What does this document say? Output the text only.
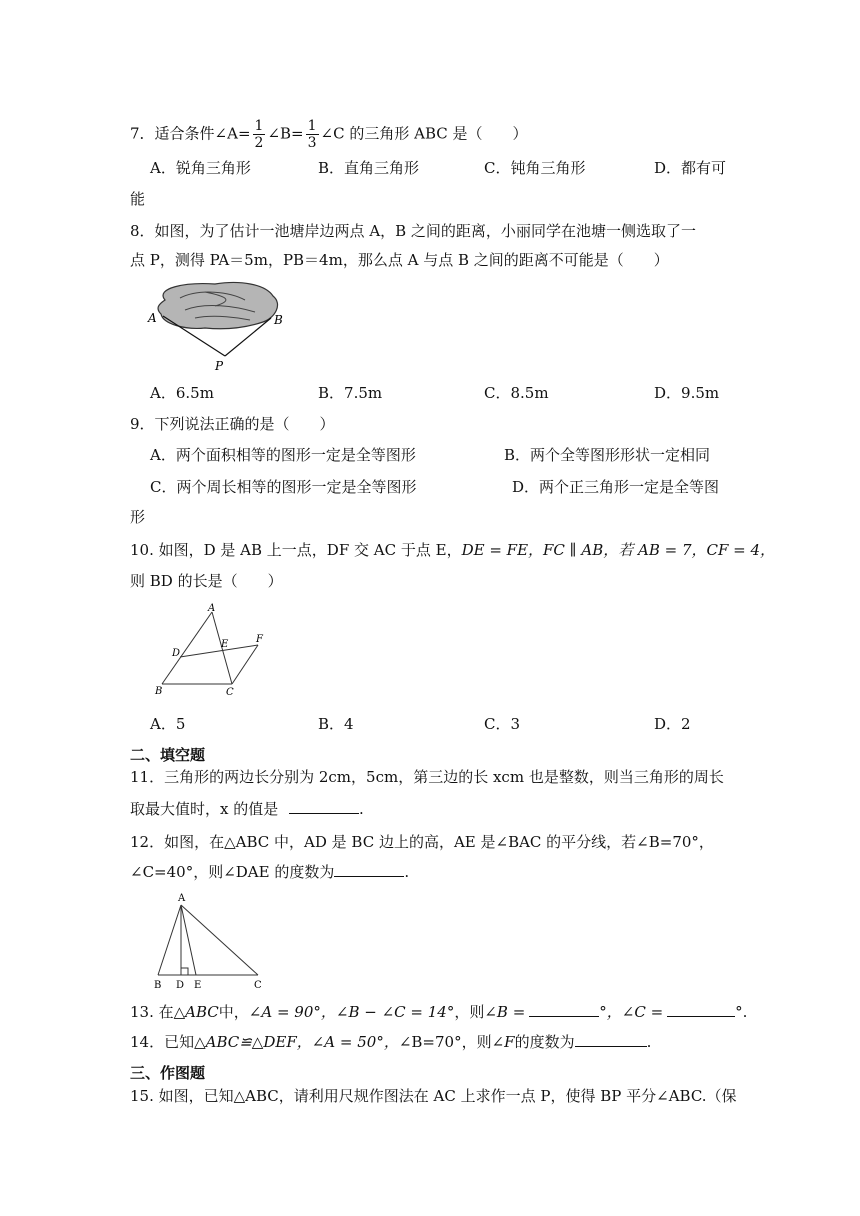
7．适合条件∠A= $\frac{1}{2}$ ∠B= $\frac{1}{3}$ ∠C 的三角形 ABC 是（　　）
A．锐角三角形	B．直角三角形	C．钝角三角形	D．都有可
能
8．如图，为了估计一池塘岸边两点 A，B 之间的距离，小丽同学在池塘一侧选取了一
点 P，测得 PA＝5m，PB＝4m，那么点 A 与点 B 之间的距离不可能是（　　）
A	B
P
A．6.5m	B．7.5m	C．8.5m	D．9.5m
9．下列说法正确的是（　　）
A．两个面积相等的图形一定是全等图形	B．两个全等图形形状一定相同
C．两个周长相等的图形一定是全等图形	D．两个正三角形一定是全等图
形
10. 如图，D 是 AB 上一点，DF 交 AC 于点 E，DE = FE，FC ∥ AB，若 AB = 7，CF = 4，
则 BD 的长是（　　）
A
B	C
D
E	F
A．5	B．4	C．3	D．2
二、填空题
11．三角形的两边长分别为 2cm，5cm，第三边的长 xcm 也是整数，则当三角形的周长
取最大值时，x 的值是	.
12．如图，在△ABC 中，AD 是 BC 边上的高，AE 是∠BAC 的平分线，若∠B=70°，
∠C=40°，则∠DAE 的度数为	.
A
B D E	C
13. 在△ABC中，∠A = 90°，∠B − ∠C = 14°，则∠B =	°，∠C =	°.
14．已知△ABC≌△DEF，∠A = 50°，∠B=70°，则∠F的度数为	.
三、作图题
15. 如图，已知△ABC，请利用尺规作图法在 AC 上求作一点 P，使得 BP 平分∠ABC.（保
